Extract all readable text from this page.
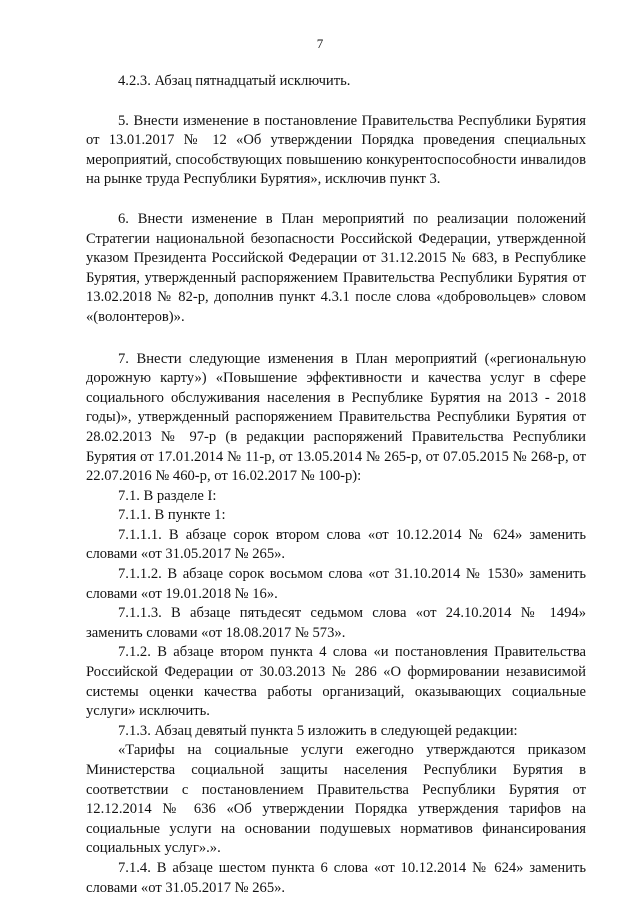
7

4.2.3. Абзац пятнадцатый исключить.

5. Внести изменение в постановление Правительства Республики Бурятия от 13.01.2017 № 12 «Об утверждении Порядка проведения специальных мероприятий, способствующих повышению конкурентоспособности инвалидов на рынке труда Республики Бурятия», исключив пункт 3.

6. Внести изменение в План мероприятий по реализации положений Стратегии национальной безопасности Российской Федерации, утвержденной указом Президента Российской Федерации от 31.12.2015 № 683, в Республике Бурятия, утвержденный распоряжением Правительства Республики Бурятия от 13.02.2018 № 82-р, дополнив пункт 4.3.1 после слова «добровольцев» словом «(волонтеров)».

7. Внести следующие изменения в План мероприятий («региональную дорожную карту») «Повышение эффективности и качества услуг в сфере социального обслуживания населения в Республике Бурятия на 2013 - 2018 годы)», утвержденный распоряжением Правительства Республики Бурятия от 28.02.2013 № 97-р (в редакции распоряжений Правительства Республики Бурятия от 17.01.2014 № 11-р, от 13.05.2014 № 265-р, от 07.05.2015 № 268-р, от 22.07.2016 № 460-р, от 16.02.2017 № 100-р):

7.1. В разделе I:

7.1.1. В пункте 1:

7.1.1.1. В абзаце сорок втором слова «от 10.12.2014 № 624» заменить словами «от 31.05.2017 № 265».

7.1.1.2. В абзаце сорок восьмом слова «от 31.10.2014 № 1530» заменить словами «от 19.01.2018 № 16».

7.1.1.3. В абзаце пятьдесят седьмом слова «от 24.10.2014 № 1494» заменить словами «от 18.08.2017 № 573».

7.1.2. В абзаце втором пункта 4 слова «и постановления Правительства Российской Федерации от 30.03.2013 № 286 «О формировании независимой системы оценки качества работы организаций, оказывающих социальные услуги» исключить.

7.1.3. Абзац девятый пункта 5 изложить в следующей редакции:

«Тарифы на социальные услуги ежегодно утверждаются приказом Министерства социальной защиты населения Республики Бурятия в соответствии с постановлением Правительства Республики Бурятия от 12.12.2014 № 636 «Об утверждении Порядка утверждения тарифов на социальные услуги на основании подушевых нормативов финансирования социальных услуг».».

7.1.4. В абзаце шестом пункта 6 слова «от 10.12.2014 № 624» заменить словами «от 31.05.2017 № 265».
